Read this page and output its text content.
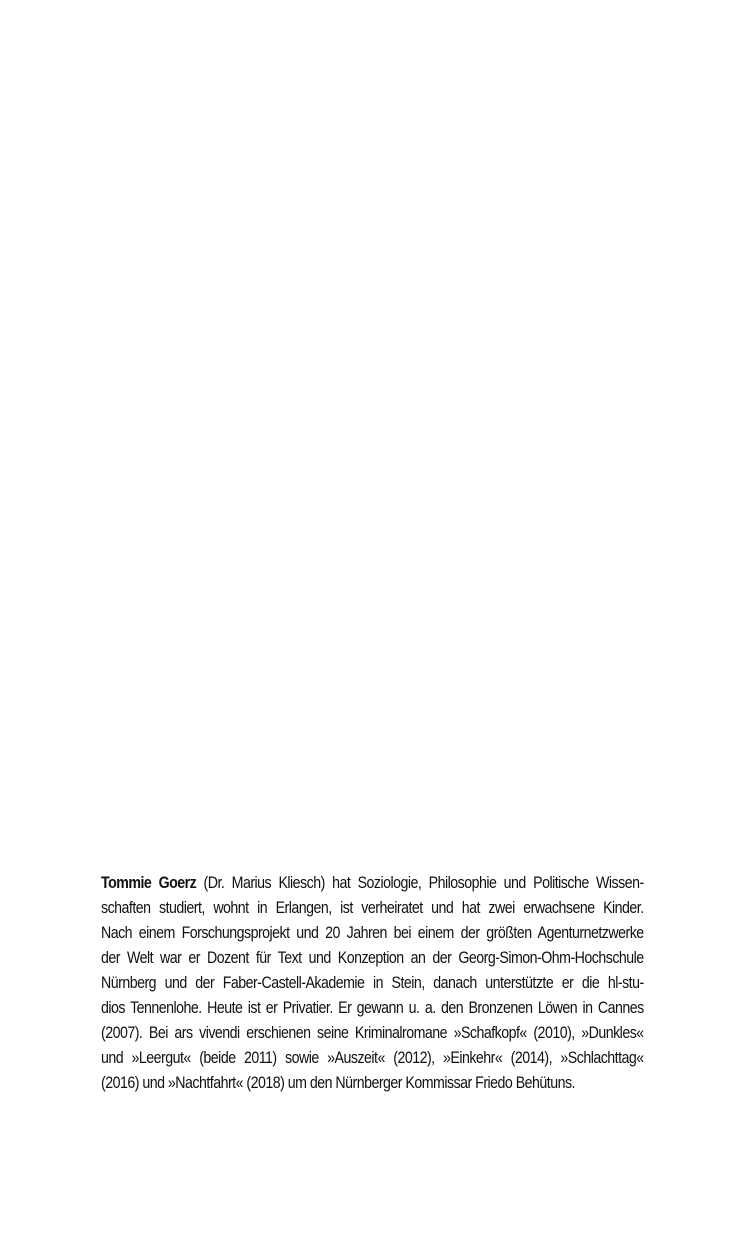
Tommie Goerz (Dr. Marius Kliesch) hat Soziologie, Philosophie und Politische Wissen-
schaften studiert, wohnt in Erlangen, ist verheiratet und hat zwei erwachsene Kinder.
Nach einem Forschungsprojekt und 20 Jahren bei einem der größten Agenturnetzwerke
der Welt war er Dozent für Text und Konzeption an der Georg-Simon-Ohm-Hochschule
Nürnberg und der Faber-Castell-Akademie in Stein, danach unterstützte er die hl-stu-
dios Tennenlohe. Heute ist er Privatier. Er gewann u. a. den Bronzenen Löwen in Cannes
(2007). Bei ars vivendi erschienen seine Kriminalromane »Schafkopf« (2010), »Dunkles«
und »Leergut« (beide 2011) sowie »Auszeit« (2012), »Einkehr« (2014), »Schlachttag«
(2016) und »Nachtfahrt« (2018) um den Nürnberger Kommissar Friedo Behütuns.
